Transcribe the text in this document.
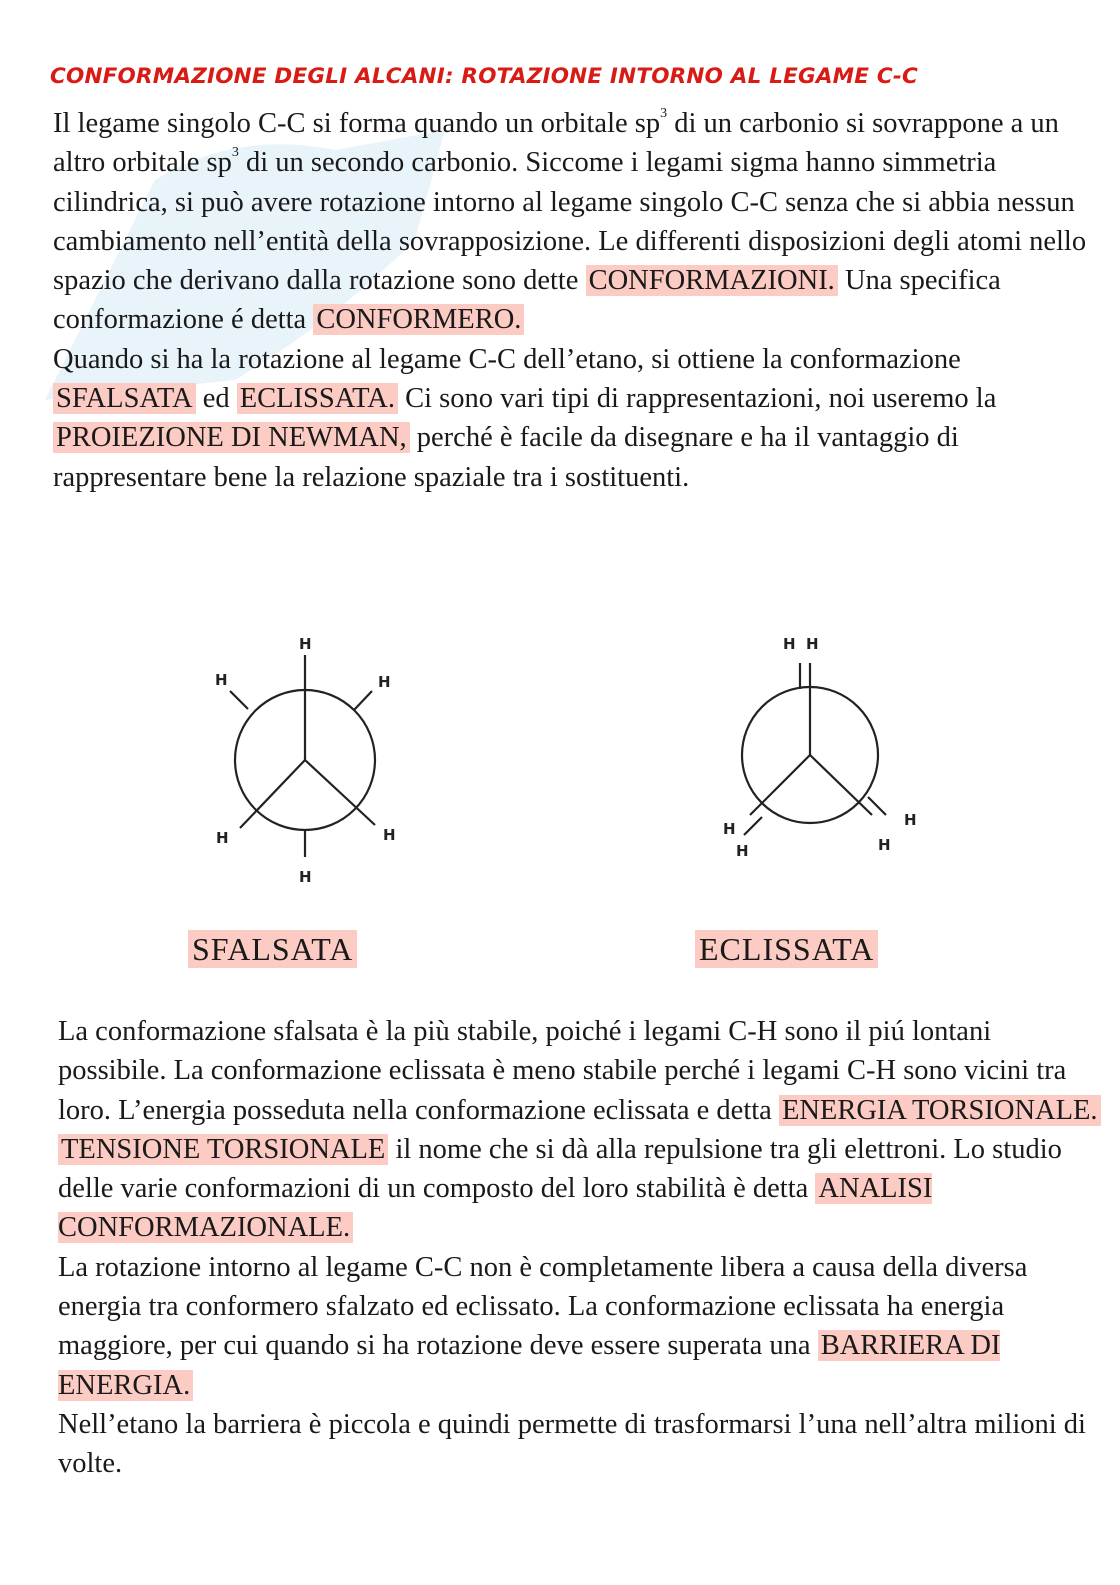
CONFORMAZIONE DEGLI ALCANI: ROTAZIONE INTORNO AL LEGAME C-C

Il legame singolo C-C si forma quando un orbitale $sp^3$ di un carbonio si sovrappone a un altro orbitale $sp^3$ di un secondo carbonio. Siccome i legami sigma hanno simmetria cilindrica, si può avere rotazione intorno al legame singolo C-C senza che si abbia nessun cambiamento nell’entità della sovrapposizione. Le differenti disposizioni degli atomi nello spazio che derivano dalla rotazione sono dette CONFORMAZIONI. Una specifica conformazione é detta CONFORMERO.
Quando si ha la rotazione al legame C-C dell’etano, si ottiene la conformazione SFALSATA ed ECLISSATA. Ci sono vari tipi di rappresentazioni, noi useremo la PROIEZIONE DI NEWMAN, perché è facile da disegnare e ha il vantaggio di rappresentare bene la relazione spaziale tra i sostituenti.

H
H	H
H	H
H
H H
H
H
H
H
SFALSATA	ECLISSATA

La conformazione sfalsata è la più stabile, poiché i legami C-H sono il piú lontani possibile. La conformazione eclissata è meno stabile perché i legami C-H sono vicini tra loro. L’energia posseduta nella conformazione eclissata e detta ENERGIA TORSIONALE.
TENSIONE TORSIONALE il nome che si dà alla repulsione tra gli elettroni. Lo studio delle varie conformazioni di un composto del loro stabilità è detta ANALISI CONFORMAZIONALE.
La rotazione intorno al legame C-C non è completamente libera a causa della diversa energia tra conformero sfalzato ed eclissato. La conformazione eclissata ha energia maggiore, per cui quando si ha rotazione deve essere superata una BARRIERA DI ENERGIA.
Nell’etano la barriera è piccola e quindi permette di trasformarsi l’una nell’altra milioni di volte.
